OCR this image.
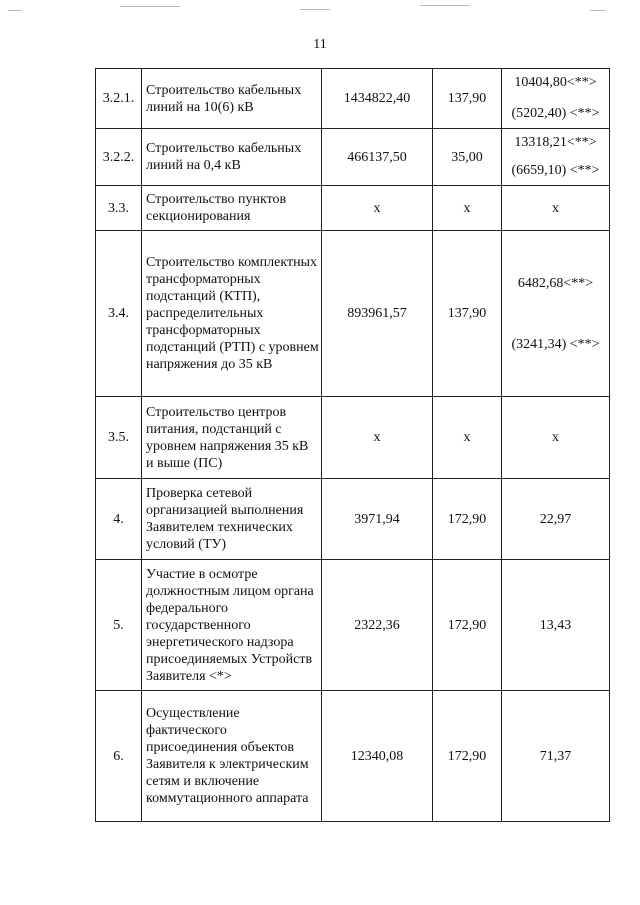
11
3.2.1.	Строительство кабельных линий на 10(6) кВ	1434822,40	137,90	10404,80<**>
(5202,40) <**>

3.2.2.	Строительство кабельных линий на 0,4 кВ	466137,50	35,00	13318,21<**>
(6659,10) <**>

3.3.	Строительство пунктов секционирования	х	х	х
3.4.	Строительство комплектных трансформаторных подстанций (КТП), распределительных трансформаторных подстанций (РТП) с уровнем напряжения до 35 кВ	893961,57	137,90	6482,68<**>
(3241,34) <**>

3.5.	Строительство центров питания, подстанций с уровнем напряжения 35 кВ и выше (ПС)	х	х	х
4.	Проверка сетевой организацией выполнения Заявителем технических условий (ТУ)	3971,94	172,90	22,97
5.	Участие в осмотре должностным лицом органа федерального государственного энергетического надзора присоединяемых Устройств Заявителя <*>	2322,36	172,90	13,43
6.	Осуществление фактического присоединения объектов Заявителя к электрическим сетям и включение коммутационного аппарата	12340,08	172,90	71,37
